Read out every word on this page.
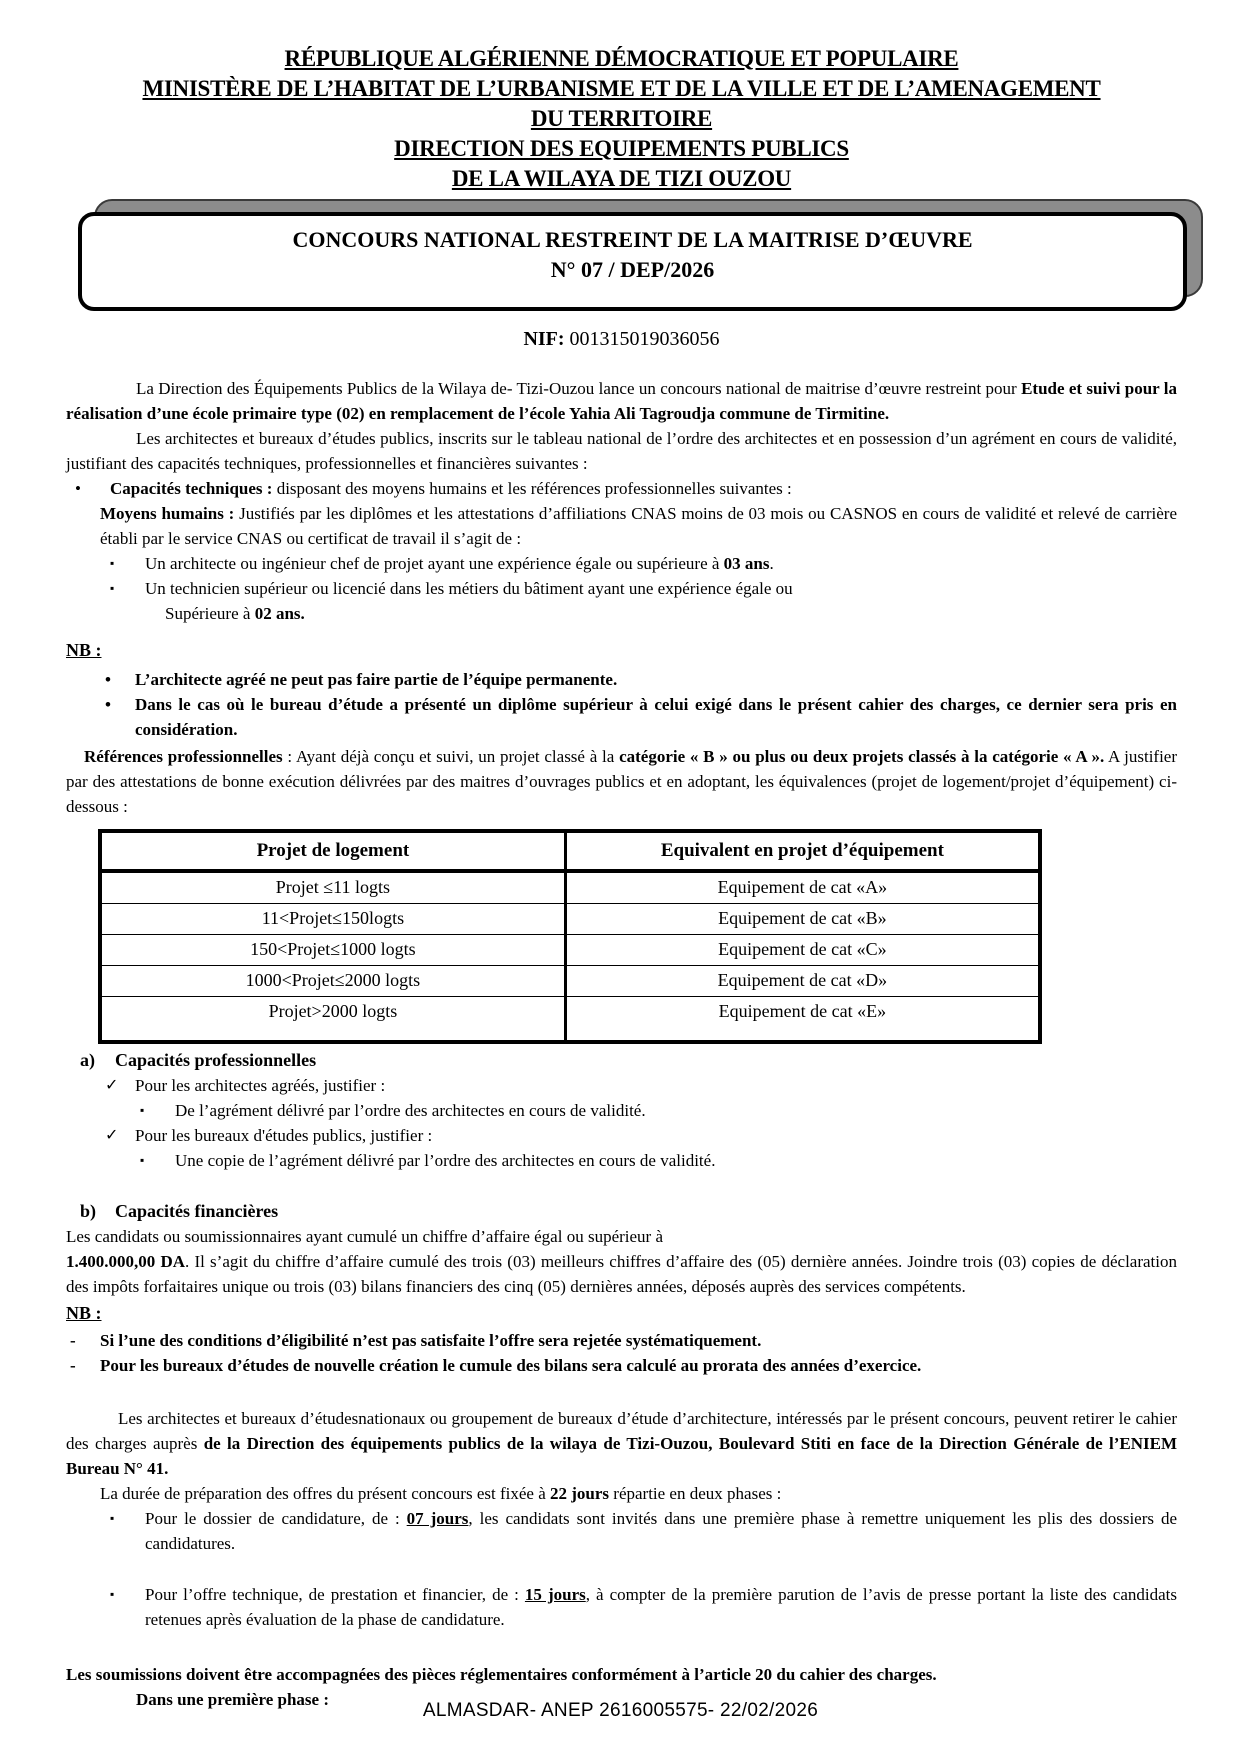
RÉPUBLIQUE ALGÉRIENNE DÉMOCRATIQUE ET POPULAIRE
MINISTÈRE DE L’HABITAT DE L’URBANISME ET DE LA VILLE ET DE L’AMENAGEMENT
DU TERRITOIRE
DIRECTION DES EQUIPEMENTS PUBLICS
DE LA WILAYA DE TIZI OUZOU
CONCOURS NATIONAL RESTREINT DE LA MAITRISE D’ŒUVRE
N° 07 / DEP/2026
NIF: 001315019036056
La Direction des Équipements Publics de la Wilaya de- Tizi-Ouzou lance un concours national de maitrise d’œuvre restreint pour Etude et suivi pour la réalisation d’une école primaire type (02) en remplacement de l’école Yahia Ali Tagroudja commune de Tirmitine.
Les architectes et bureaux d’études publics, inscrits sur le tableau national de l’ordre des architectes et en possession d’un agrément en cours de validité, justifiant des capacités techniques, professionnelles et financières suivantes :
•	Capacités techniques : disposant des moyens humains et les références professionnelles suivantes :
Moyens humains : Justifiés par les diplômes et les attestations d’affiliations CNAS moins de 03 mois ou CASNOS en cours de validité et relevé de carrière établi par le service CNAS ou certificat de travail il s’agit de :
▪	Un architecte ou ingénieur chef de projet ayant une expérience égale ou supérieure à 03 ans.
▪	Un technicien supérieur ou licencié dans les métiers du bâtiment ayant une expérience égale ou
Supérieure à 02 ans.
NB :
•	L’architecte agréé ne peut pas faire partie de l’équipe permanente.
•	Dans le cas où le bureau d’étude a présenté un diplôme supérieur à celui exigé dans le présent cahier des charges, ce dernier sera pris en considération.
Références professionnelles : Ayant déjà conçu et suivi, un projet classé à la catégorie « B » ou plus ou deux projets classés à la catégorie « A ». A justifier par des attestations de bonne exécution délivrées par des maitres d’ouvrages publics et en adoptant, les équivalences (projet de logement/projet d’équipement) ci-dessous :
Projet de logement	Equivalent en projet d’équipement
Projet ≤11 logts	Equipement de cat «A»
11<Projet≤150logts	Equipement de cat «B»
150<Projet≤1000 logts	Equipement de cat «C»
1000<Projet≤2000 logts	Equipement de cat «D»
Projet>2000 logts	Equipement de cat «E»
a)	Capacités professionnelles
✓ Pour les architectes agréés, justifier :
▪	De l’agrément délivré par l’ordre des architectes en cours de validité.
✓ Pour les bureaux d'études publics, justifier :
▪	Une copie de l’agrément délivré par l’ordre des architectes en cours de validité.
b)	Capacités financières
Les candidats ou soumissionnaires ayant cumulé un chiffre d’affaire égal ou supérieur à
1.400.000,00 DA. Il s’agit du chiffre d’affaire cumulé des trois (03) meilleurs chiffres d’affaire des (05) dernière années. Joindre trois (03) copies de déclaration des impôts forfaitaires unique ou trois (03) bilans financiers des cinq (05) dernières années, déposés auprès des services compétents.
NB :
-	Si l’une des conditions d’éligibilité n’est pas satisfaite l’offre sera rejetée systématiquement.
-	Pour les bureaux d’études de nouvelle création le cumule des bilans sera calculé au prorata des années d’exercice.
Les architectes et bureaux d’étudesnationaux ou groupement de bureaux d’étude d’architecture, intéressés par le présent concours, peuvent retirer le cahier des charges auprès de la Direction des équipements publics de la wilaya de Tizi-Ouzou, Boulevard Stiti en face de la Direction Générale de l’ENIEM Bureau N° 41.
La durée de préparation des offres du présent concours est fixée à 22 jours répartie en deux phases :
▪	Pour le dossier de candidature, de : 07 jours, les candidats sont invités dans une première phase à remettre uniquement les plis des dossiers de candidatures.
▪	Pour l’offre technique, de prestation et financier, de : 15 jours, à compter de la première parution de l’avis de presse portant la liste des candidats retenues après évaluation de la phase de candidature.
Les soumissions doivent être accompagnées des pièces réglementaires conformément à l’article 20 du cahier des charges.
Dans une première phase :
ALMASDAR- ANEP 2616005575- 22/02/2026
